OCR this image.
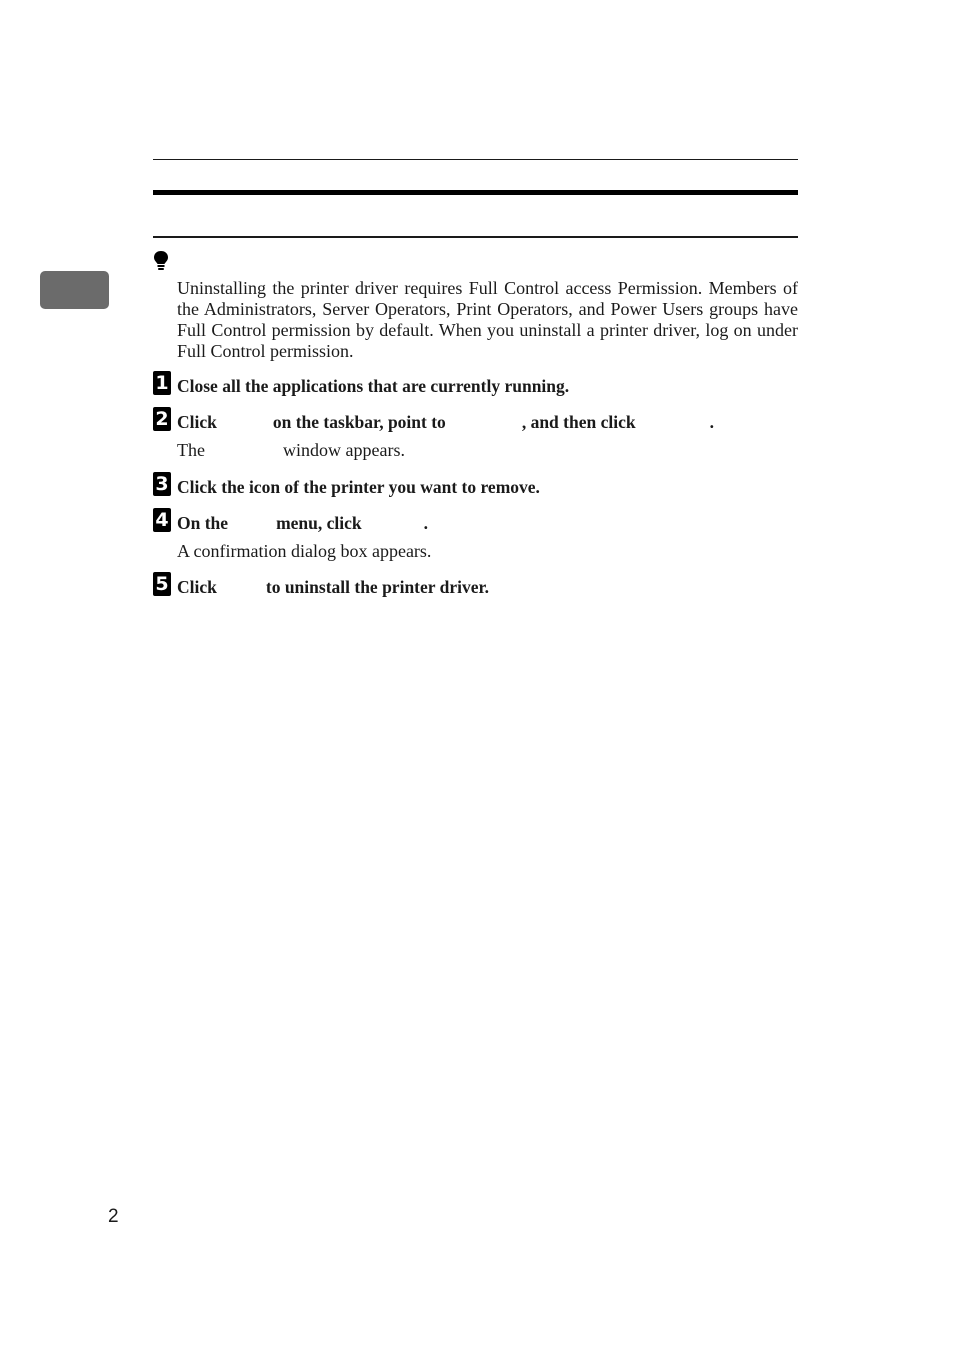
Uninstalling the printer driver requires Full Control access Permission. Members of the Administrators, Server Operators, Print Operators, and Power Users groups have Full Control permission by default. When you uninstall a printer driver, log on under Full Control permission.

1 Close all the applications that are currently running.
2 Click	on the taskbar, point to	, and then click	.
The	window appears.
3 Click the icon of the printer you want to remove.
4 On the	menu, click	.
A confirmation dialog box appears.
5 Click	to uninstall the printer driver.
2
